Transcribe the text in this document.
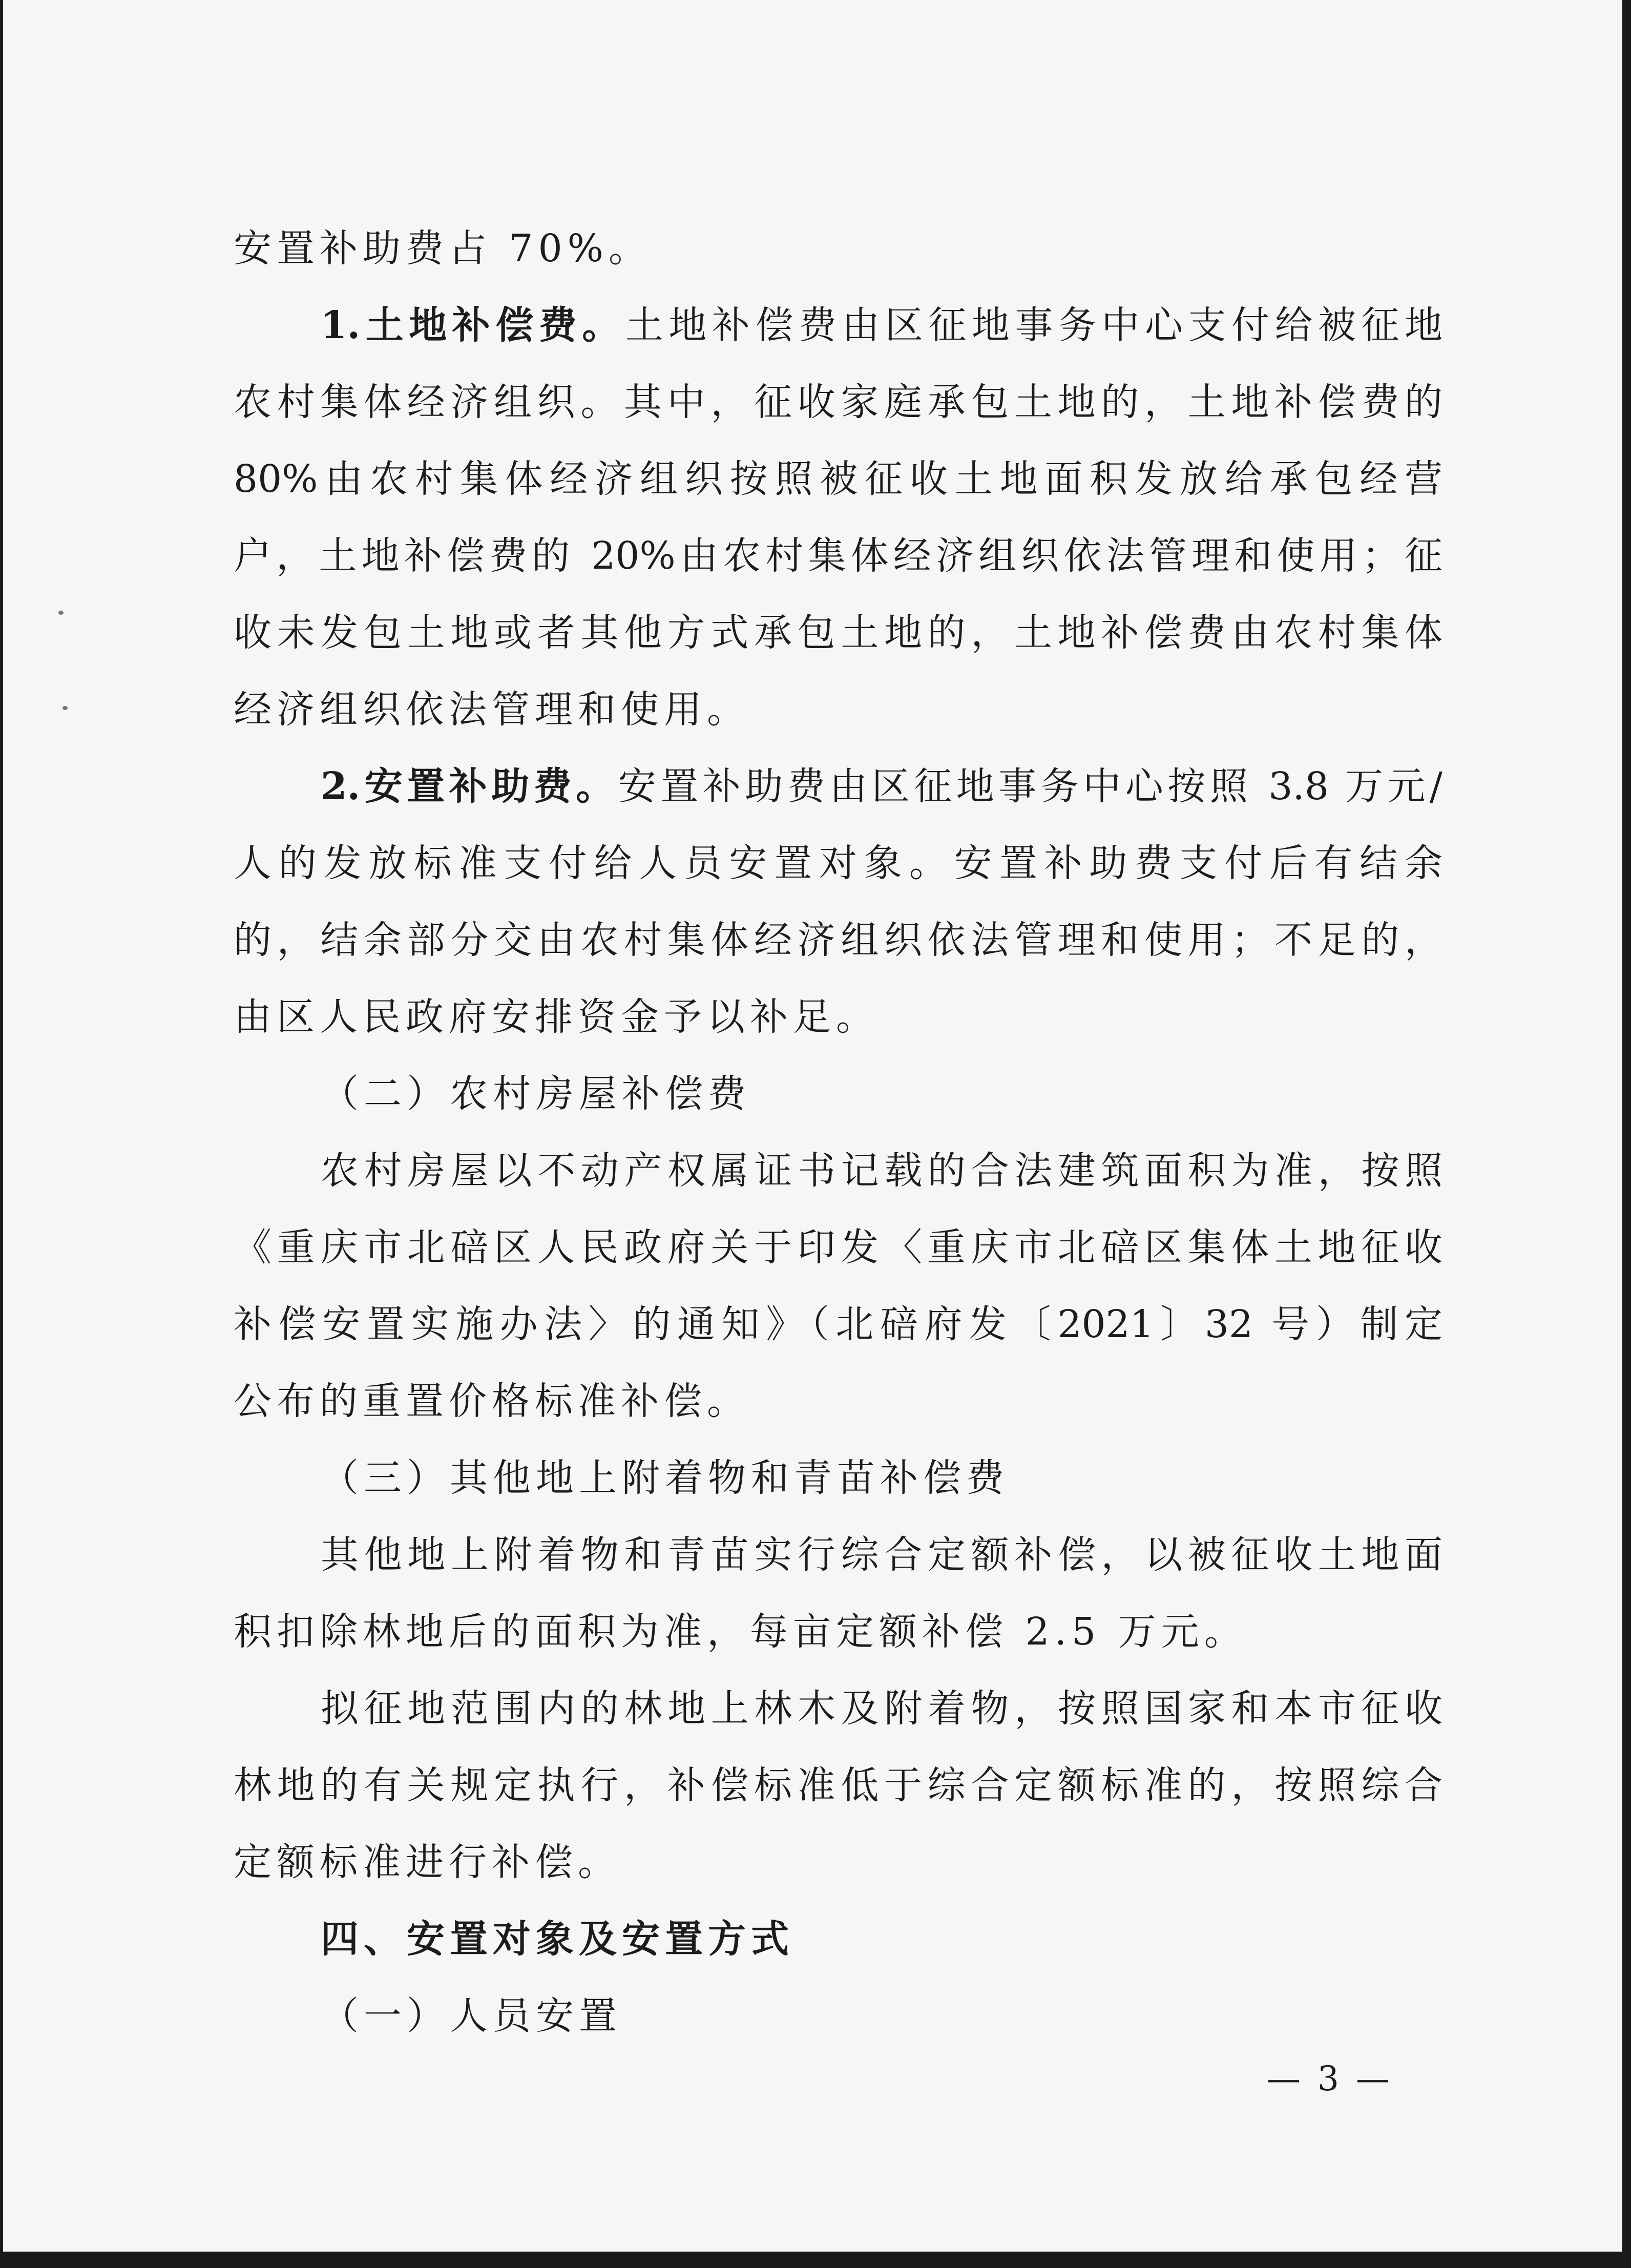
安置补助费占 70%。
1.土地补偿费。土地补偿费由区征地事务中心支付给被征地
农村集体经济组织。其中，征收家庭承包土地的，土地补偿费的
80%由农村集体经济组织按照被征收土地面积发放给承包经营
户，土地补偿费的 20%由农村集体经济组织依法管理和使用；征
收未发包土地或者其他方式承包土地的，土地补偿费由农村集体
经济组织依法管理和使用。
2.安置补助费。安置补助费由区征地事务中心按照 3.8 万元/
人的发放标准支付给人员安置对象。安置补助费支付后有结余
的，结余部分交由农村集体经济组织依法管理和使用；不足的，
由区人民政府安排资金予以补足。
（二）农村房屋补偿费
农村房屋以不动产权属证书记载的合法建筑面积为准，按照
《重庆市北碚区人民政府关于印发〈重庆市北碚区集体土地征收
补偿安置实施办法〉的通知》（北碚府发〔2021〕32 号）制定
公布的重置价格标准补偿。
（三）其他地上附着物和青苗补偿费
其他地上附着物和青苗实行综合定额补偿，以被征收土地面
积扣除林地后的面积为准，每亩定额补偿 2.5 万元。
拟征地范围内的林地上林木及附着物，按照国家和本市征收
林地的有关规定执行，补偿标准低于综合定额标准的，按照综合
定额标准进行补偿。
四、安置对象及安置方式
（一）人员安置
— 3 —
